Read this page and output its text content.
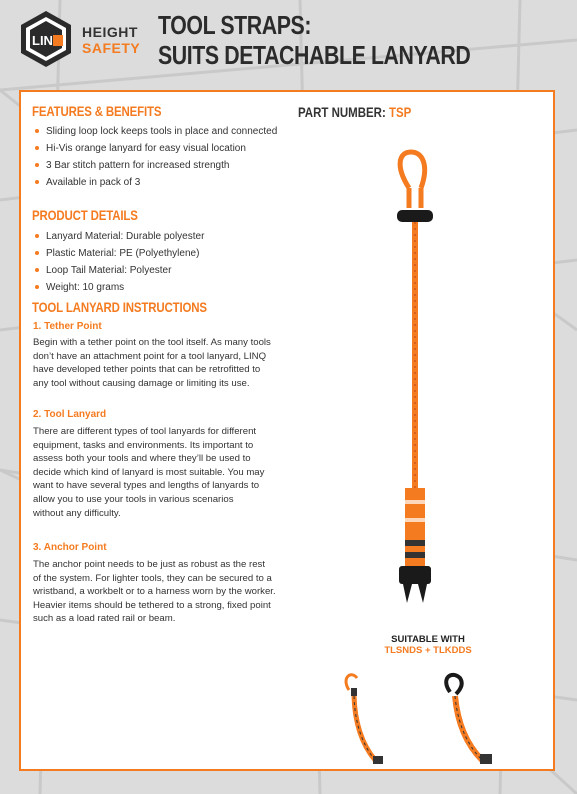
LIN
HEIGHT
SAFETY
TOOL STRAPS:
SUITS DETACHABLE LANYARD
FEATURES & BENEFITS
Sliding loop lock keeps tools in place and connected
Hi-Vis orange lanyard for easy visual location
3 Bar stitch pattern for increased strength
Available in pack of 3
PRODUCT DETAILS
Lanyard Material: Durable polyester
Plastic Material: PE (Polyethylene)
Loop Tail Material: Polyester
Weight: 10 grams
TOOL LANYARD INSTRUCTIONS
1. Tether Point
Begin with a tether point on the tool itself. As many tools
don’t have an attachment point for a tool lanyard, LINQ
have developed tether points that can be retrofitted to
any tool without causing damage or limiting its use.
2. Tool Lanyard
There are different types of tool lanyards for different
equipment, tasks and environments. Its important to
assess both your tools and where they’ll be used to
decide which kind of lanyard is most suitable. You may
want to have several types and lengths of lanyards to
allow you to use your tools in various scenarios
without any difficulty.
3. Anchor Point
The anchor point needs to be just as robust as the rest
of the system. For lighter tools, they can be secured to a
wristband, a workbelt or to a harness worn by the worker.
Heavier items should be tethered to a strong, fixed point
such as a load rated rail or beam.
PART NUMBER: TSP
SUITABLE WITH
TLSNDS + TLKDDS
